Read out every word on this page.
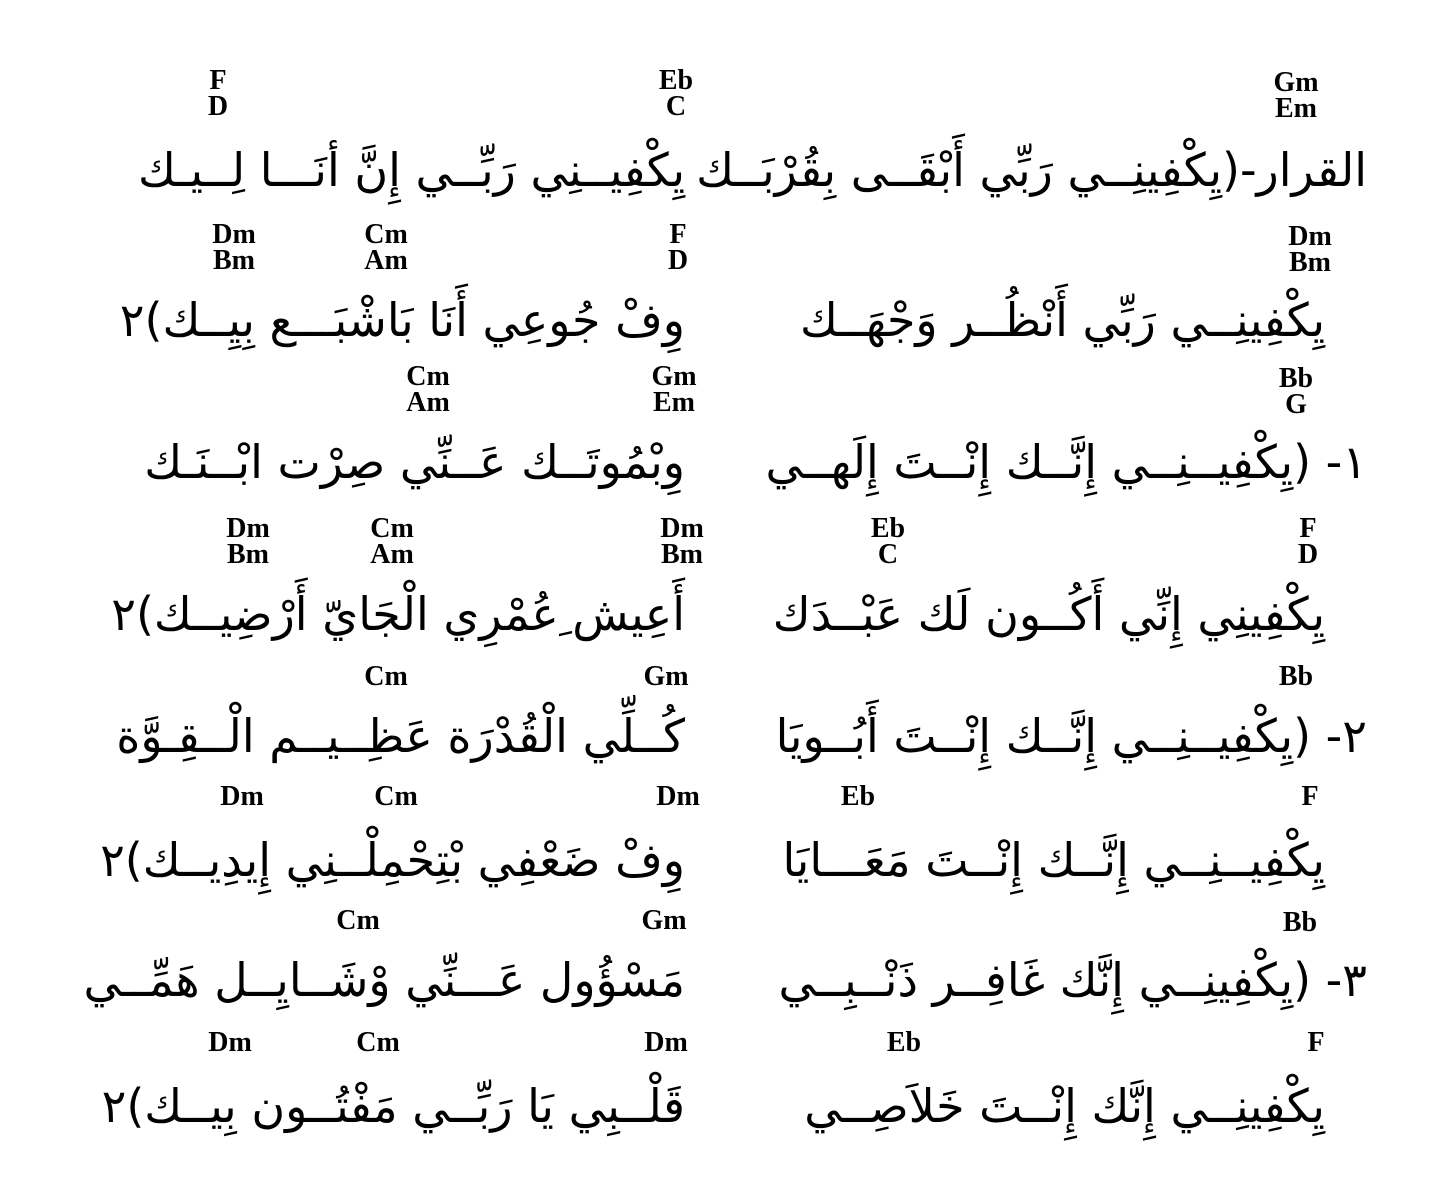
F
D
Eb
C
Gm
Em
القرار-(يِكْفِينِــي رَبِّي أَبْقَــى بِقُرْبَــك
يِكْفِيــنِي رَبِّــي إِنَّ أنَـــا لِــيـك
Dm
Bm
Cm
Am
F
D
Dm
Bm
يِكْفِينِــي رَبِّي أَنْظُــر وَجْهَــك
وِفْ جُوعِي أَنَا بَاشْبَـــع بِيِــك)٢
Cm
Am
Gm
Em
Bb
G
١- (يِكْفِيــنِــي إِنَّــك إِنْــتَ إِلَهــي
وِبْمُوتَــك عَــنِّي صِرْت ابْــنَـك
Dm
Bm
Cm
Am
Dm
Bm
Eb
C
F
D
يِكْفِينِي إِنِّي أَكُــون لَك عَبْــدَك
أَعِيش ِعُمْرِي الْجَايّ أَرْضِيــك)٢
Cm	Gm	Bb
٢- (يِكْفِيــنِــي إِنَّــك إِنْــتَ أَبُــويَا
كُــلِّي الْقُدْرَة عَظِــيــم الْــقِـوَّة
Dm	Cm	Dm	Eb	F
يِكْفِيــنِــي إِنَّــك إِنْــتَ مَعَـــايَا
وِفْ ضَعْفِي بْتِحْمِلْــنِي إِيدِيــك)٢
Cm	Gm	Bb
٣- (يِكْفِينِــي إِنَّك غَافِــر ذَنْــبِــي
مَسْؤُول عَـــنِّي وْشَــايِــل هَمِّــي
Dm	Cm	Dm	Eb	F
يِكْفِينِــي إِنَّك إِنْــتَ خَلاَصِــي
قَلْــبِي يَا رَبِّــي مَفْتُــون بِيــك)٢
